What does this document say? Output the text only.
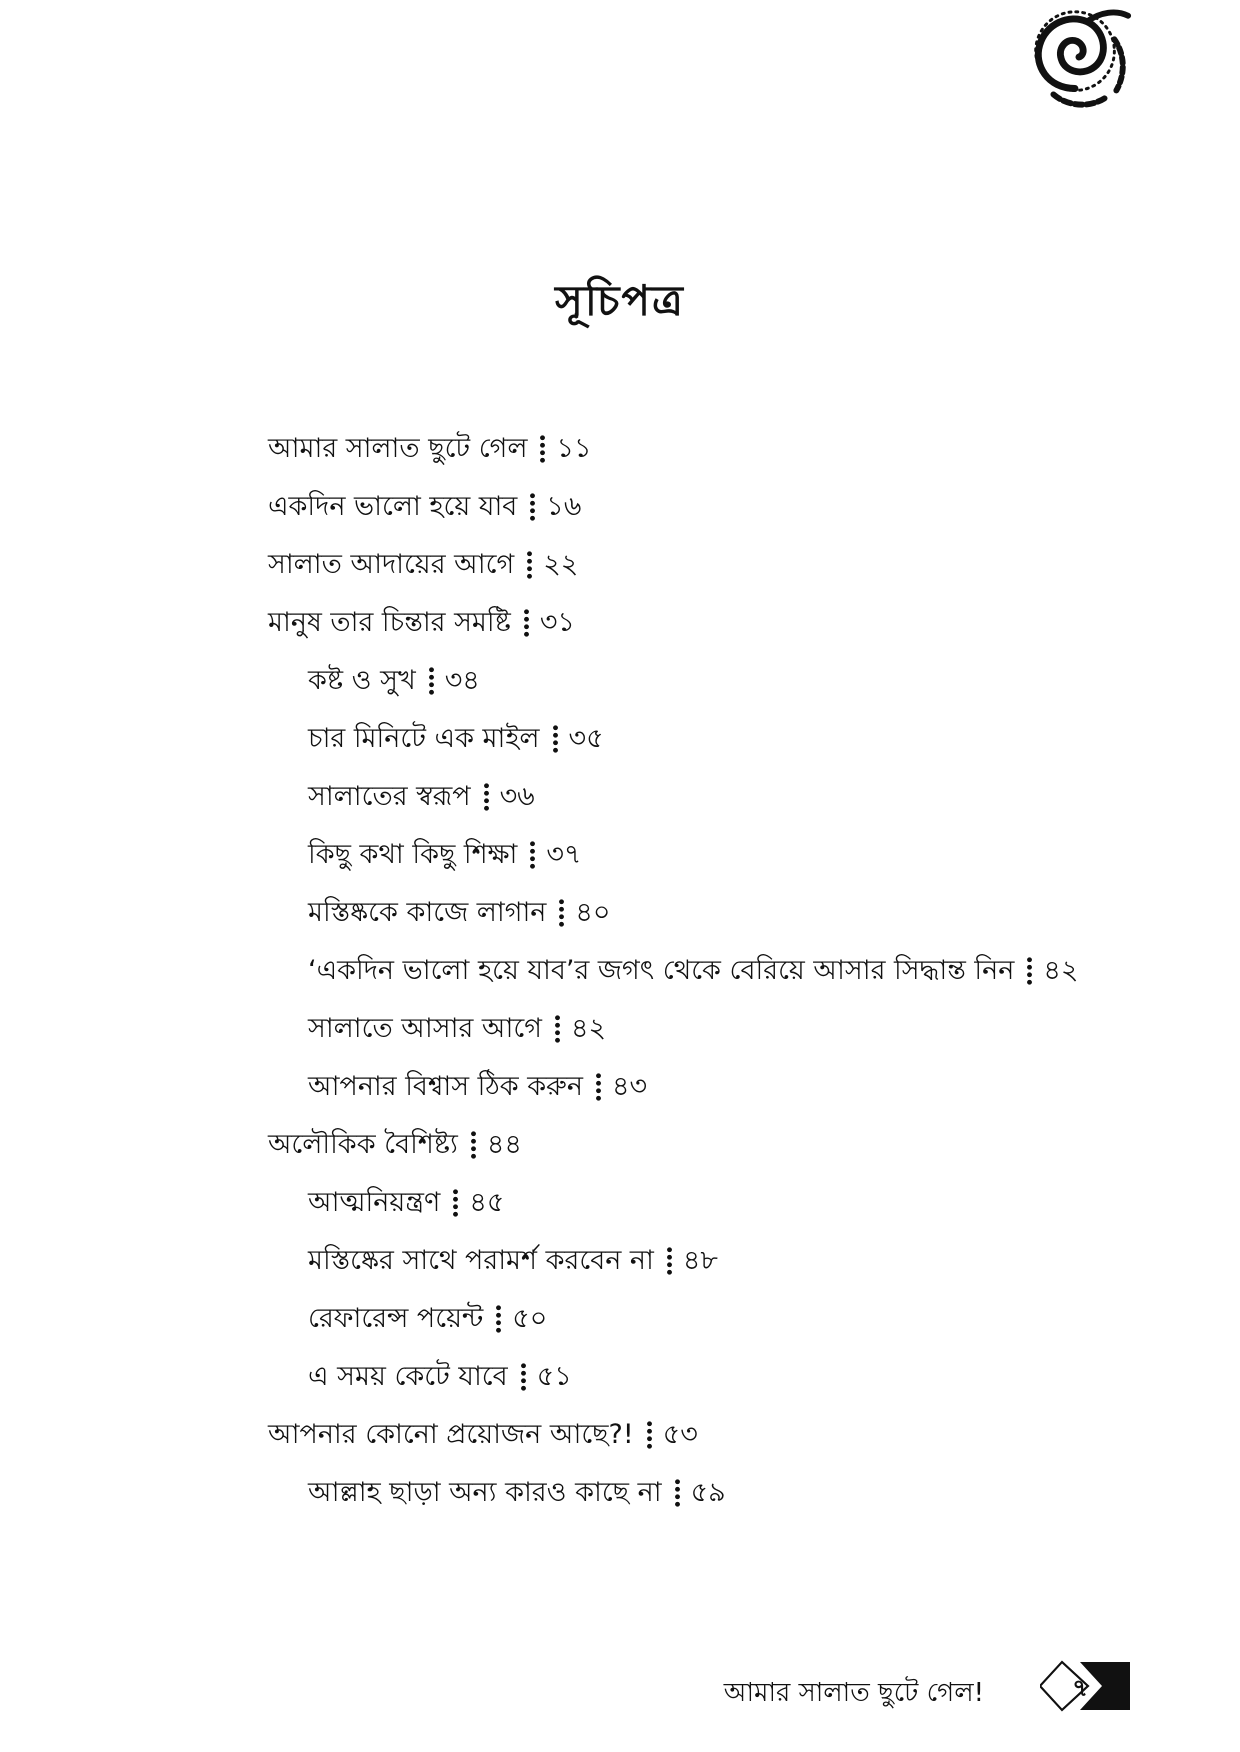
সূচিপত্র
আমার সালাত ছুটে গেল ১১
একদিন ভালো হয়ে যাব ১৬
সালাত আদায়ের আগে ২২
মানুষ তার চিন্তার সমষ্টি ৩১
কষ্ট ও সুখ ৩৪
চার মিনিটে এক মাইল ৩৫
সালাতের স্বরূপ ৩৬
কিছু কথা কিছু শিক্ষা ৩৭
মস্তিষ্ককে কাজে লাগান ৪০
‘একদিন ভালো হয়ে যাব’র জগৎ থেকে বেরিয়ে আসার সিদ্ধান্ত নিন ৪২
সালাতে আসার আগে ৪২
আপনার বিশ্বাস ঠিক করুন ৪৩
অলৌকিক বৈশিষ্ট্য ৪৪
আত্মনিয়ন্ত্রণ ৪৫
মস্তিষ্কের সাথে পরামর্শ করবেন না ৪৮
রেফারেন্স পয়েন্ট ৫০
এ সময় কেটে যাবে ৫১
আপনার কোনো প্রয়োজন আছে?! ৫৩
আল্লাহ ছাড়া অন্য কারও কাছে না ৫৯
আমার সালাত ছুটে গেল!	৭
